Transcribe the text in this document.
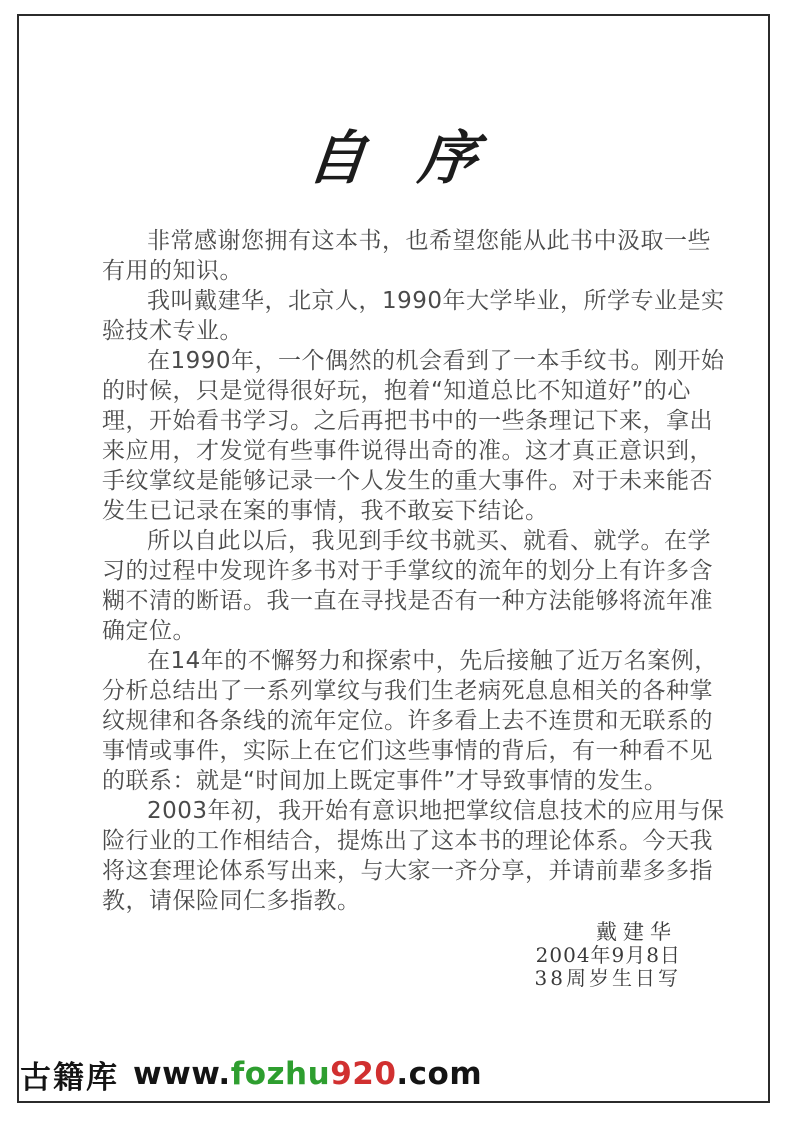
自 序
非常感谢您拥有这本书，也希望您能从此书中汲取一些
有用的知识。
我叫戴建华，北京人，1990年大学毕业，所学专业是实
验技术专业。
在1990年，一个偶然的机会看到了一本手纹书。刚开始
的时候，只是觉得很好玩，抱着“知道总比不知道好”的心
理，开始看书学习。之后再把书中的一些条理记下来，拿出
来应用，才发觉有些事件说得出奇的准。这才真正意识到，
手纹掌纹是能够记录一个人发生的重大事件。对于未来能否
发生已记录在案的事情，我不敢妄下结论。
所以自此以后，我见到手纹书就买、就看、就学。在学
习的过程中发现许多书对于手掌纹的流年的划分上有许多含
糊不清的断语。我一直在寻找是否有一种方法能够将流年准
确定位。
在14年的不懈努力和探索中，先后接触了近万名案例，
分析总结出了一系列掌纹与我们生老病死息息相关的各种掌
纹规律和各条线的流年定位。许多看上去不连贯和无联系的
事情或事件，实际上在它们这些事情的背后，有一种看不见
的联系：就是“时间加上既定事件”才导致事情的发生。
2003年初，我开始有意识地把掌纹信息技术的应用与保
险行业的工作相结合，提炼出了这本书的理论体系。今天我
将这套理论体系写出来，与大家一齐分享，并请前辈多多指
教，请保险同仁多指教。
戴建华
2004年9月8日
38周岁生日写
古籍库 www.fozhu920.com
